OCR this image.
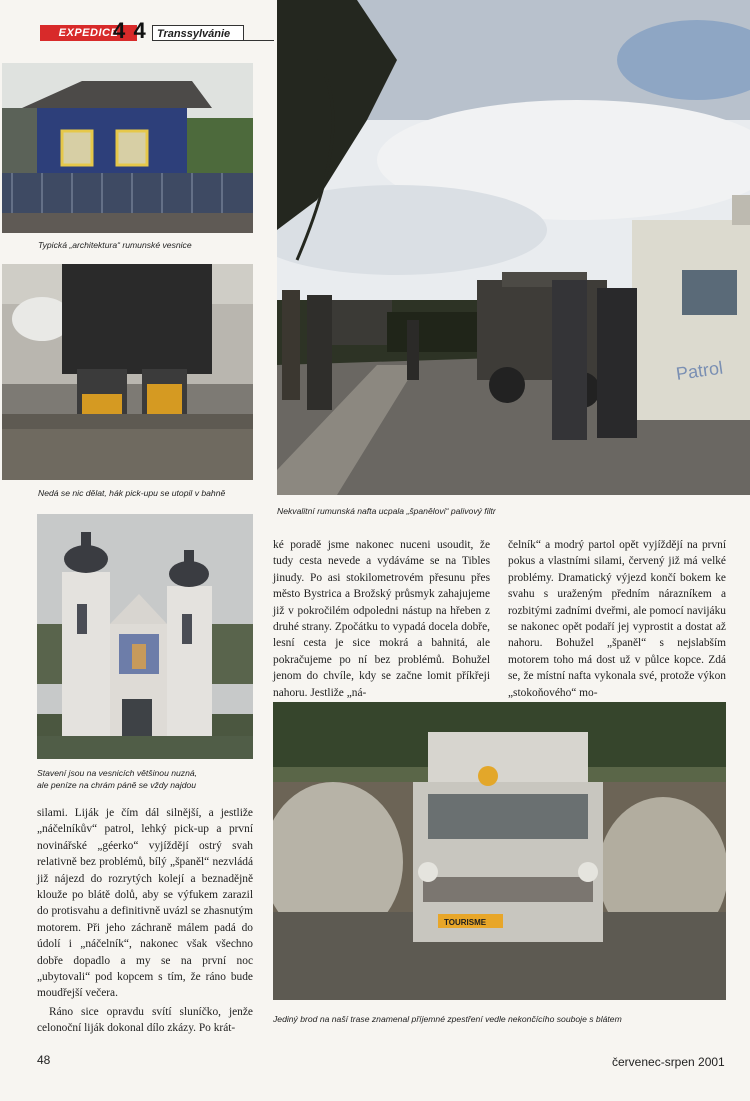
EXPEDICE
4x4	Transsylvánie
Typická „architektura“ rumunské vesnice
Nedá se nic dělat, hák pick-upu se utopil v bahně
Stavení jsou na vesnicích většinou nuzná,
ale peníze na chrám páně se vždy najdou
Patrol
Nekvalitní rumunská nafta ucpala „španělovi“ palivový filtr
TOURISME
Jediný brod na naší trase znamenal příjemné zpestření vedle nekončícího souboje s blátem

ké poradě jsme nakonec nuceni usoudit, že tudy cesta nevede a vydáváme se na Tibles jinudy. Po asi stokilometrovém přesunu přes město Bystrica a Brožský průsmyk zahajujeme již v pokročilém odpoledni nástup na hřeben z druhé strany. Zpočátku to vypadá docela dobře, lesní cesta je sice mokrá a bahnitá, ale pokračujeme po ní bez problémů. Bohužel jenom do chvíle, kdy se začne lomit příkřeji nahoru. Jestliže „ná-

čelník“ a modrý partol opět vyjíždějí na první pokus a vlastními silami, červený již má velké problémy. Dramatický výjezd končí bokem ke svahu s uraženým předním nárazníkem a rozbitými zadními dveřmi, ale pomocí navijáku se nakonec opět podaří jej vyprostit a dostat až nahoru. Bohužel „španěl“ s nejslabším motorem toho má dost už v půlce kopce. Zdá se, že místní nafta vykonala své, protože výkon „stokoňového“ mo-

silami. Liják je čím dál silnější, a jestliže „náčelníkův“ patrol, lehký pick-up a první novinářské „géerko“ vyjíždějí ostrý svah relativně bez problémů, bílý „španěl“ nezvládá již nájezd do rozrytých kolejí a beznadějně klouže po blátě dolů, aby se výfukem zarazil do protisvahu a definitivně uvázl se zhasnutým motorem. Při jeho záchraně málem padá do údolí i „náčelník“, nakonec však všechno dobře dopadlo a my se na první noc „ubytovali“ pod kopcem s tím, že ráno bude moudřejší večera.

Ráno sice opravdu svítí sluníčko, jenže celonoční liják dokonal dílo zkázy. Po krát-

48	červenec-srpen 2001
